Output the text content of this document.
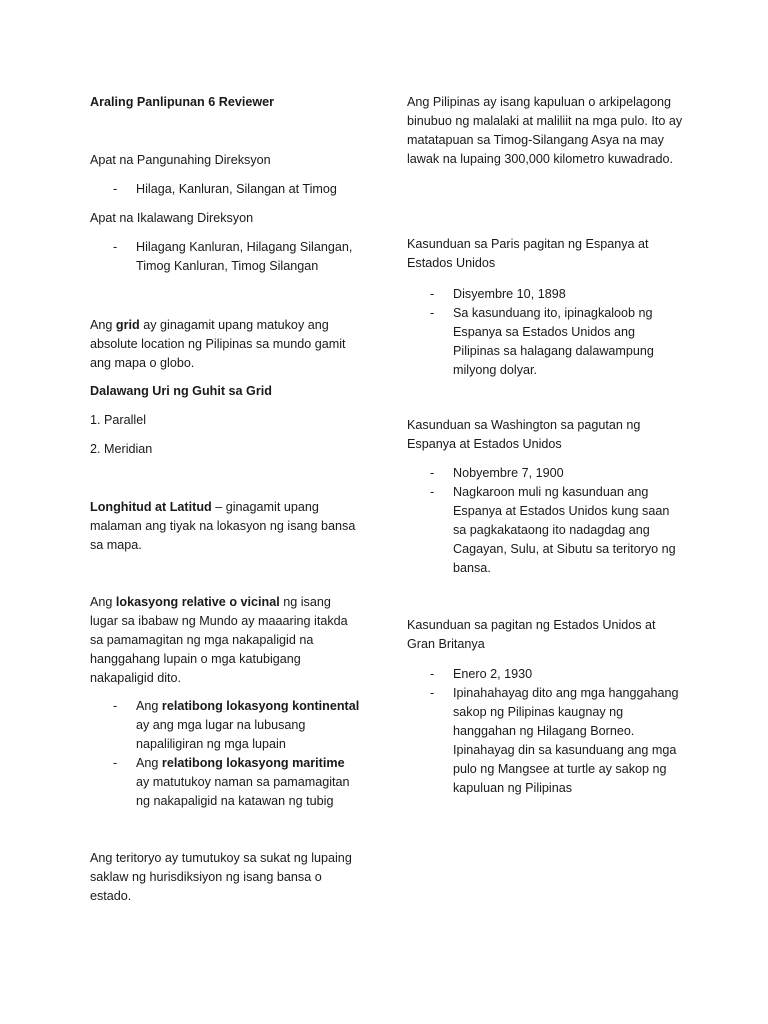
Araling Panlipunan 6 Reviewer

Apat na Pangunahing Direksyon

- Hilaga, Kanluran, Silangan at Timog

Apat na Ikalawang Direksyon

- Hilagang Kanluran, Hilagang Silangan, Timog Kanluran, Timog Silangan

Ang grid ay ginagamit upang matukoy ang absolute location ng Pilipinas sa mundo gamit ang mapa o globo.

Dalawang Uri ng Guhit sa Grid

1. Parallel

2. Meridian

Longhitud at Latitud – ginagamit upang malaman ang tiyak na lokasyon ng isang bansa sa mapa.

Ang lokasyong relative o vicinal ng isang lugar sa ibabaw ng Mundo ay maaaring itakda sa pamamagitan ng mga nakapaligid na hanggahang lupain o mga katubigang nakapaligid dito.

- Ang relatibong lokasyong kontinental ay ang mga lugar na lubusang napaliligiran ng mga lupain
- Ang relatibong lokasyong maritime ay matutukoy naman sa pamamagitan ng nakapaligid na katawan ng tubig

Ang teritoryo ay tumutukoy sa sukat ng lupaing saklaw ng hurisdiksiyon ng isang bansa o estado.

Ang Pilipinas ay isang kapuluan o arkipelagong binubuo ng malalaki at maliliit na mga pulo. Ito ay matatapuan sa Timog-Silangang Asya na may lawak na lupaing 300,000 kilometro kuwadrado.

Kasunduan sa Paris pagitan ng Espanya at Estados Unidos

- Disyembre 10, 1898
- Sa kasunduang ito, ipinagkaloob ng Espanya sa Estados Unidos ang Pilipinas sa halagang dalawampung milyong dolyar.

Kasunduan sa Washington sa pagutan ng Espanya at Estados Unidos

- Nobyembre 7, 1900
- Nagkaroon muli ng kasunduan ang Espanya at Estados Unidos kung saan sa pagkakataong ito nadagdag ang Cagayan, Sulu, at Sibutu sa teritoryo ng bansa.

Kasunduan sa pagitan ng Estados Unidos at Gran Britanya

- Enero 2, 1930
- Ipinahahayag dito ang mga hanggahang sakop ng Pilipinas kaugnay ng hanggahan ng Hilagang Borneo. Ipinahayag din sa kasunduang ang mga pulo ng Mangsee at turtle ay sakop ng kapuluan ng Pilipinas
